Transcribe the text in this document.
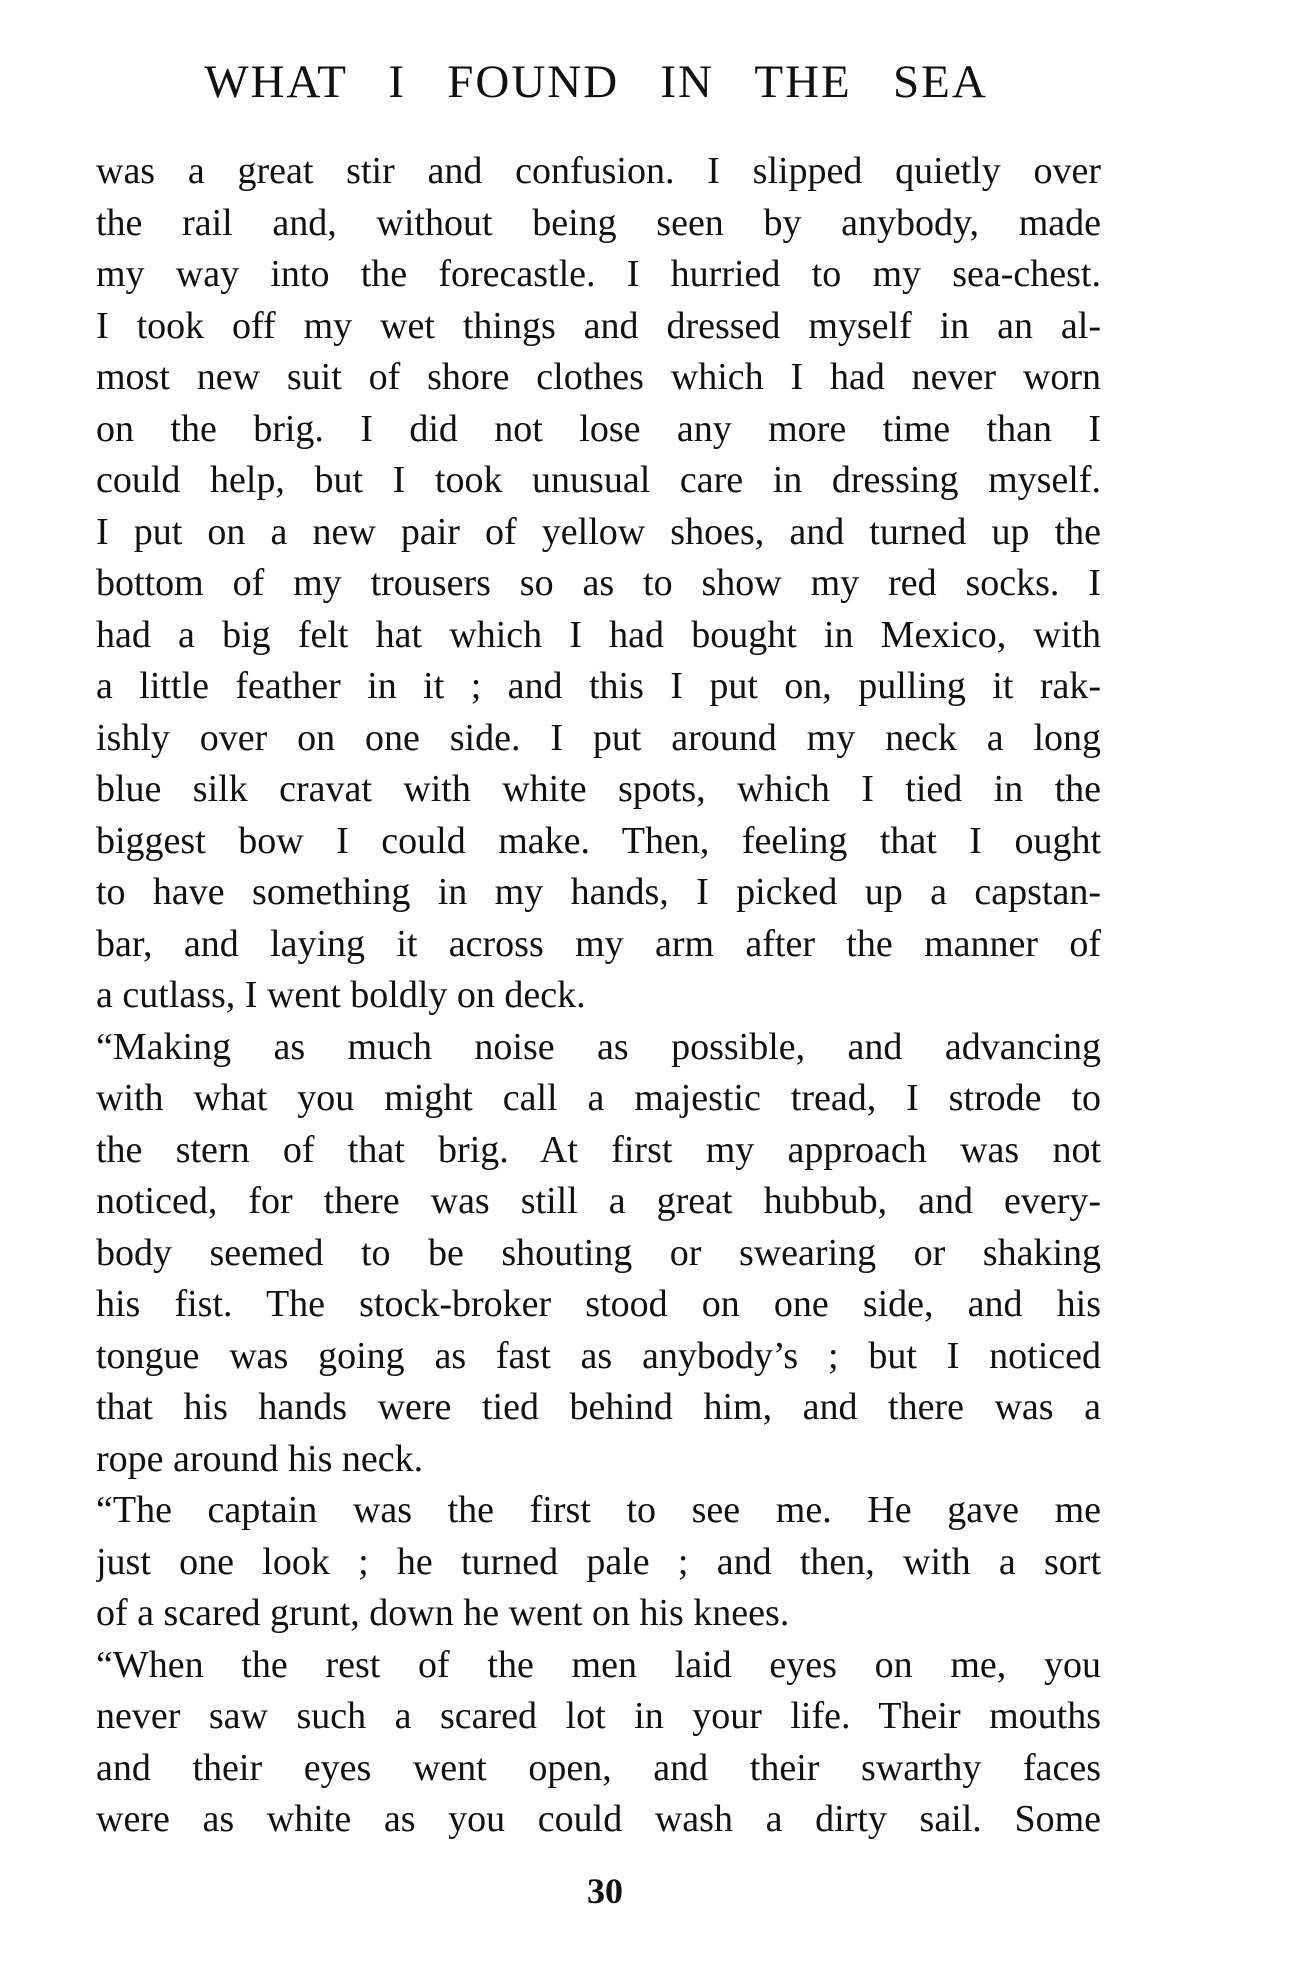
WHAT   I   FOUND   IN   THE   SEA
was a great stir and confusion. I slipped quietly over
the rail and, without being seen by anybody, made
my way into the forecastle. I hurried to my sea-chest.
I took off my wet things and dressed myself in an al-
most new suit of shore clothes which I had never worn
on the brig. I did not lose any more time than I
could help, but I took unusual care in dressing myself.
I put on a new pair of yellow shoes, and turned up the
bottom of my trousers so as to show my red socks. I
had a big felt hat which I had bought in Mexico, with
a little feather in it ; and this I put on, pulling it rak-
ishly over on one side. I put around my neck a long
blue silk cravat with white spots, which I tied in the
biggest bow I could make. Then, feeling that I ought
to have something in my hands, I picked up a capstan-
bar, and laying it across my arm after the manner of
a cutlass, I went boldly on deck.
“Making as much noise as possible, and advancing
with what you might call a majestic tread, I strode to
the stern of that brig. At first my approach was not
noticed, for there was still a great hubbub, and every-
body seemed to be shouting or swearing or shaking
his fist. The stock-broker stood on one side, and his
tongue was going as fast as anybody’s ; but I noticed
that his hands were tied behind him, and there was a
rope around his neck.
“The captain was the first to see me. He gave me
just one look ; he turned pale ; and then, with a sort
of a scared grunt, down he went on his knees.
“When the rest of the men laid eyes on me, you
never saw such a scared lot in your life. Their mouths
and their eyes went open, and their swarthy faces
were as white as you could wash a dirty sail. Some
30
